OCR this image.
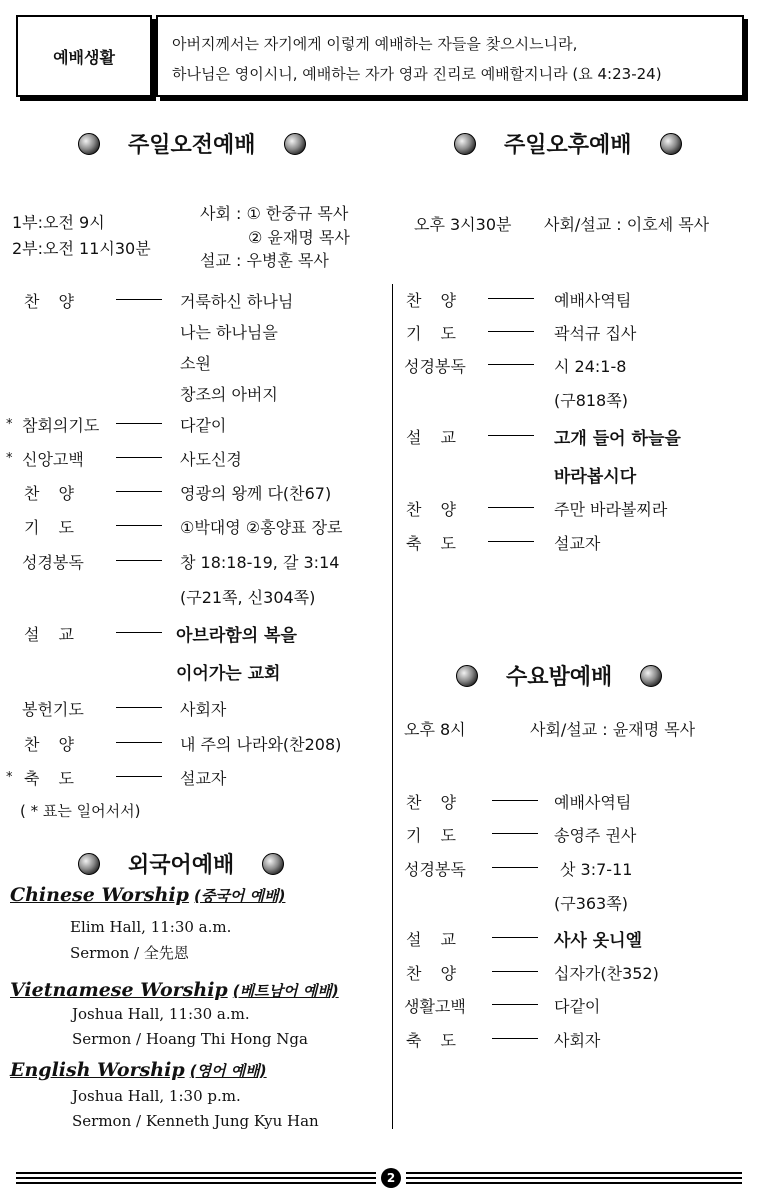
예배생활
아버지께서는 자기에게 이렇게 예배하는 자들을 찾으시느니라,
하나님은 영이시니, 예배하는 자가 영과 진리로 예배할지니라 (요 4:23-24)
주일오전예배	주일오후예배
1부:오전 9시
2부:오전 11시30분
사회 : ① 한중규 목사
② 윤재명 목사
설교 : 우병훈 목사
오후 3시30분 사회/설교 : 이호세 목사
찬 양	거룩하신 하나님
나는 하나님을
소원
창조의 아버지
* 참회의기도	다같이
* 신앙고백	사도신경
찬 양	영광의 왕께 다(찬67)
기 도	①박대영 ②홍양표 장로
성경봉독	창 18:18-19, 갈 3:14
(구21쪽, 신304쪽)
설 교	아브라함의 복을
이어가는 교회
봉헌기도	사회자
찬 양	내 주의 나라와(찬208)
* 축 도	설교자
( * 표는 일어서서)
외국어예배
Chinese Worship (중국어 예배)
Elim Hall, 11:30 a.m.
Sermon / 全先恩
Vietnamese Worship (베트남어 예배)
Joshua Hall, 11:30 a.m.
Sermon / Hoang Thi Hong Nga
English Worship (영어 예배)
Joshua Hall, 1:30 p.m.
Sermon / Kenneth Jung Kyu Han
찬 양	예배사역팀
기 도	곽석규 집사
성경봉독	시 24:1-8
(구818쪽)
설 교	고개 들어 하늘을
바라봅시다
찬 양	주만 바라볼찌라
축 도	설교자
수요밤예배
오후 8시	사회/설교 : 윤재명 목사
찬 양	예배사역팀
기 도	송영주 권사
성경봉독	삿 3:7-11
(구363쪽)
설 교	사사 옷니엘
찬 양	십자가(찬352)
생활고백	다같이
축 도	사회자
2
